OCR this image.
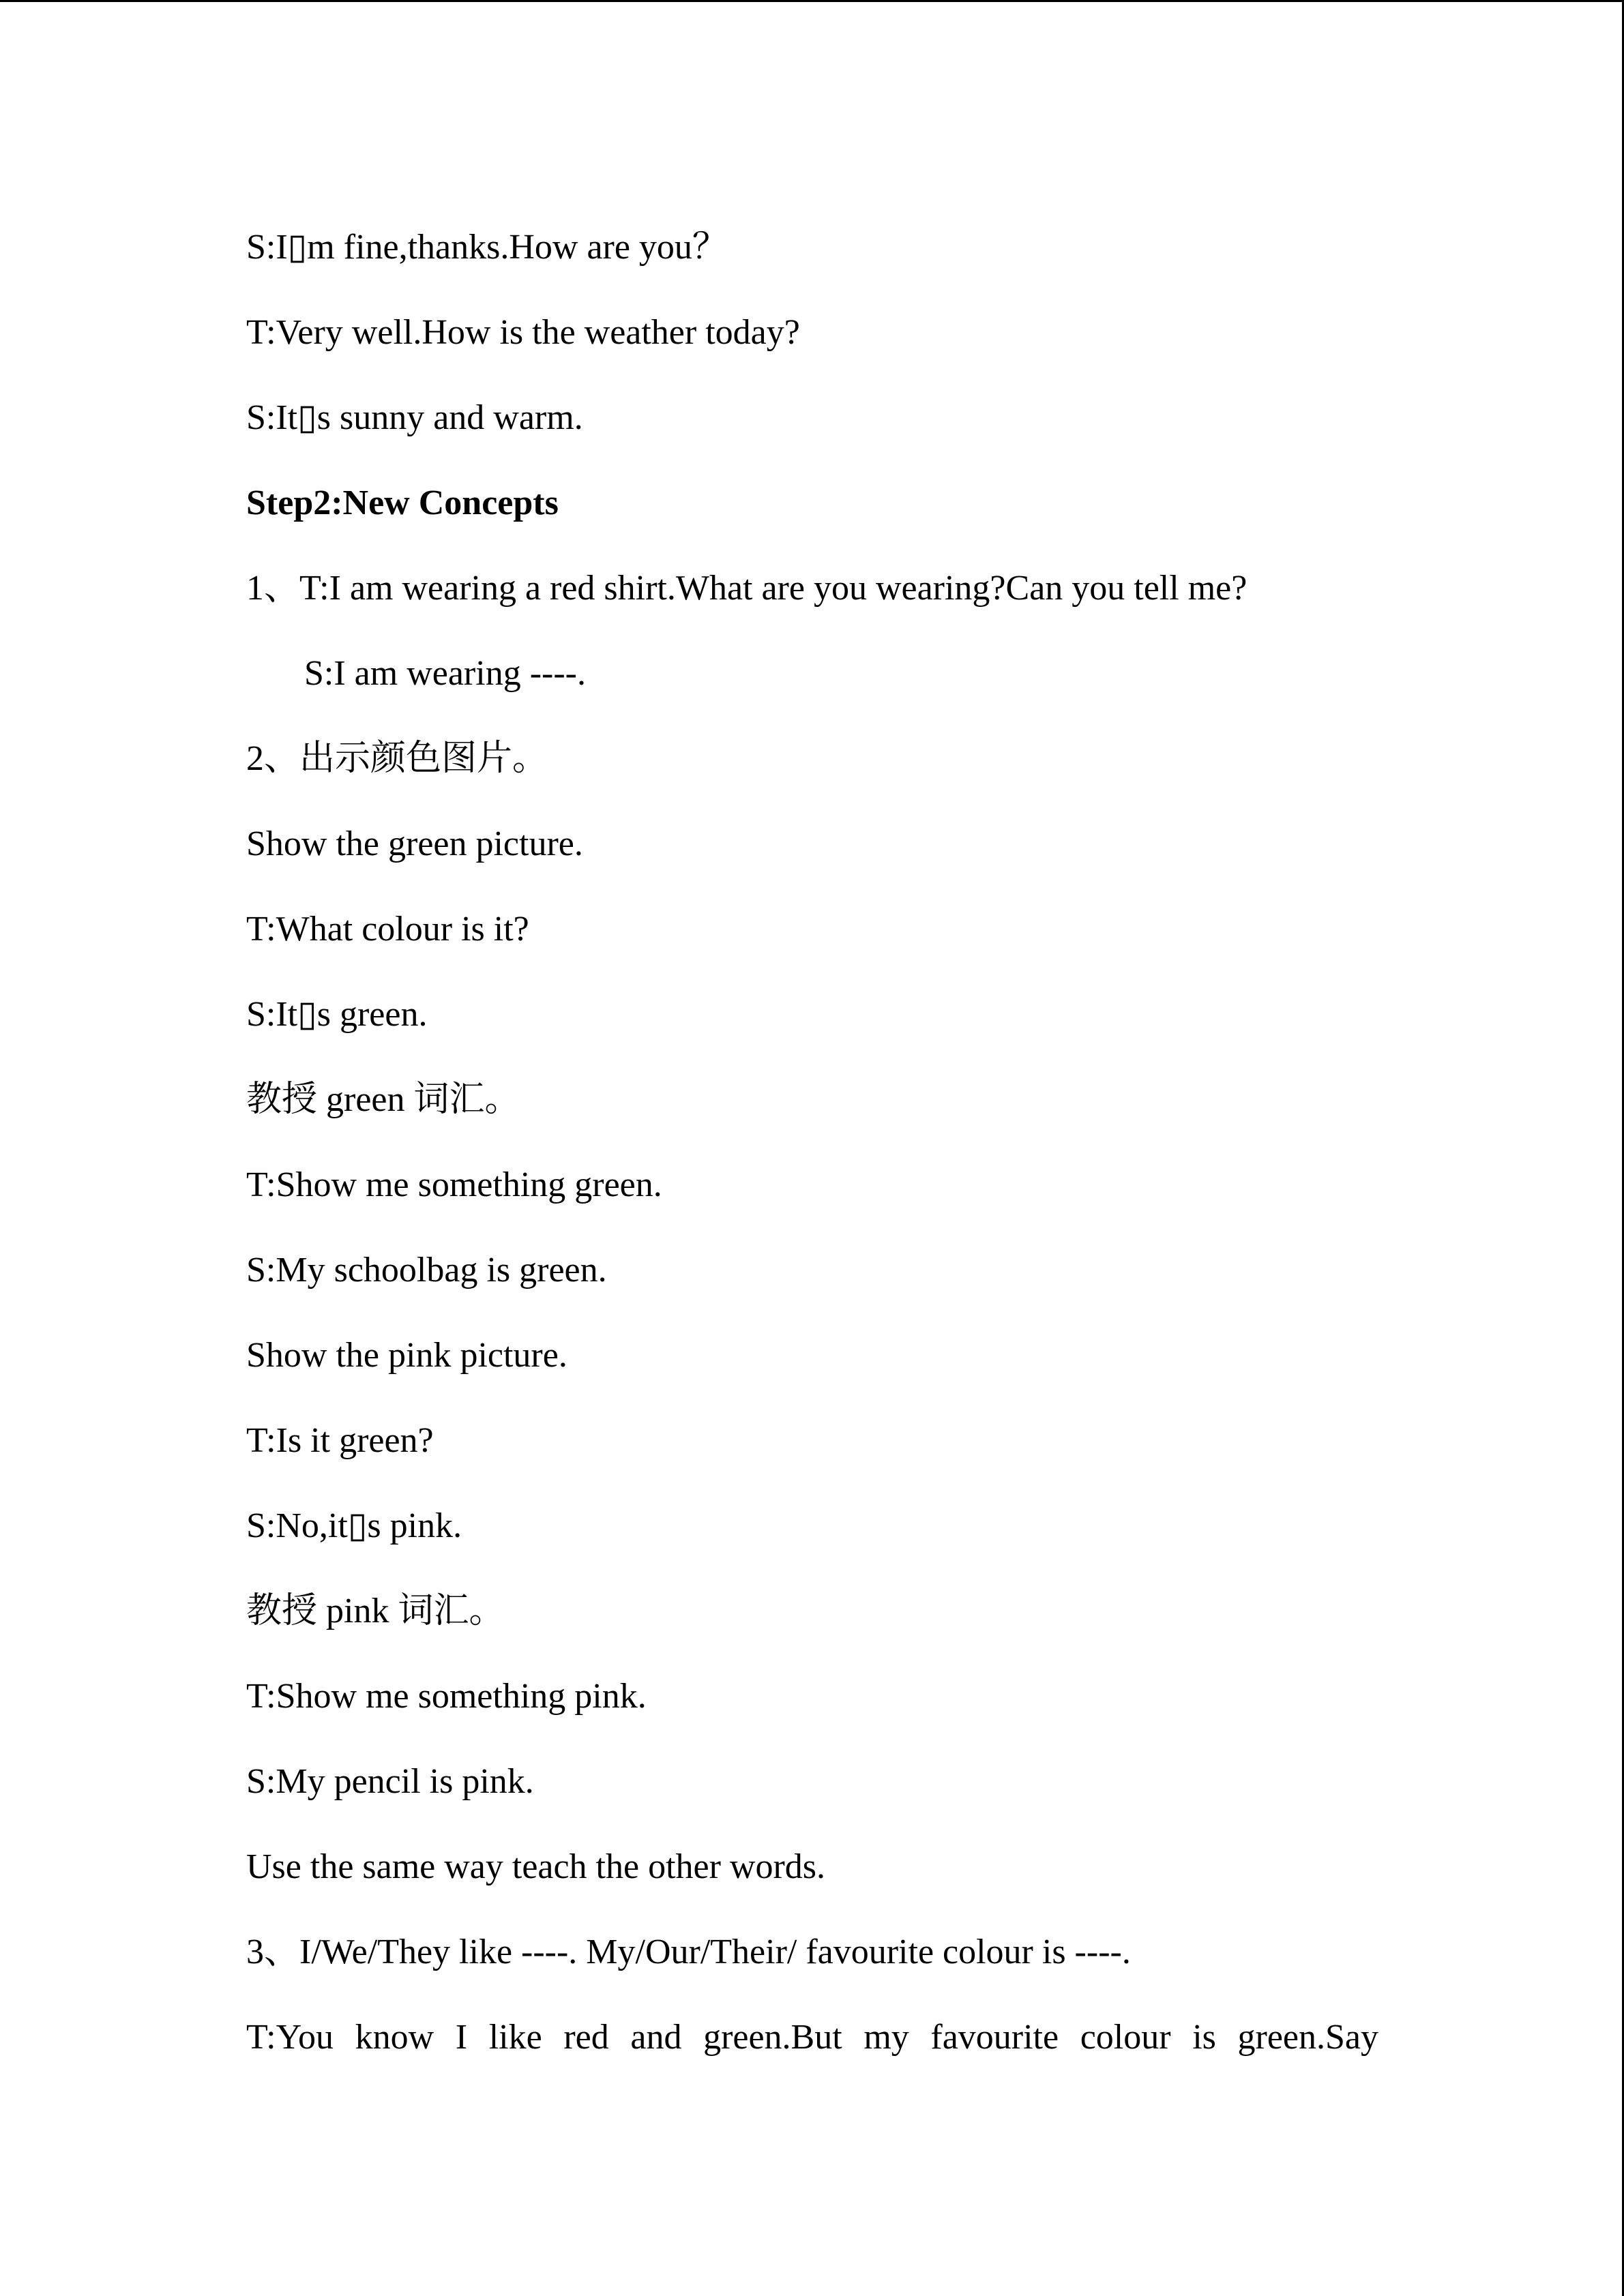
S:I▯m fine,thanks.How are you？
T:Very well.How is the weather today?
S:It▯s sunny and warm.
Step2:New Concepts
1、T:I am wearing a red shirt.What are you wearing?Can you tell me?
S:I am wearing ----.
2、出示颜色图片。
Show the green picture.
T:What colour is it?
S:It▯s green.
教授 green 词汇。
T:Show me something green.
S:My schoolbag is green.
Show the pink picture.
T:Is it green?
S:No,it▯s pink.
教授 pink 词汇。
T:Show me something pink.
S:My pencil is pink.
Use the same way teach the other words.
3、I/We/They like ----. My/Our/Their/ favourite colour is ----.
T:You know I like red and green.But my favourite colour is green.Say
